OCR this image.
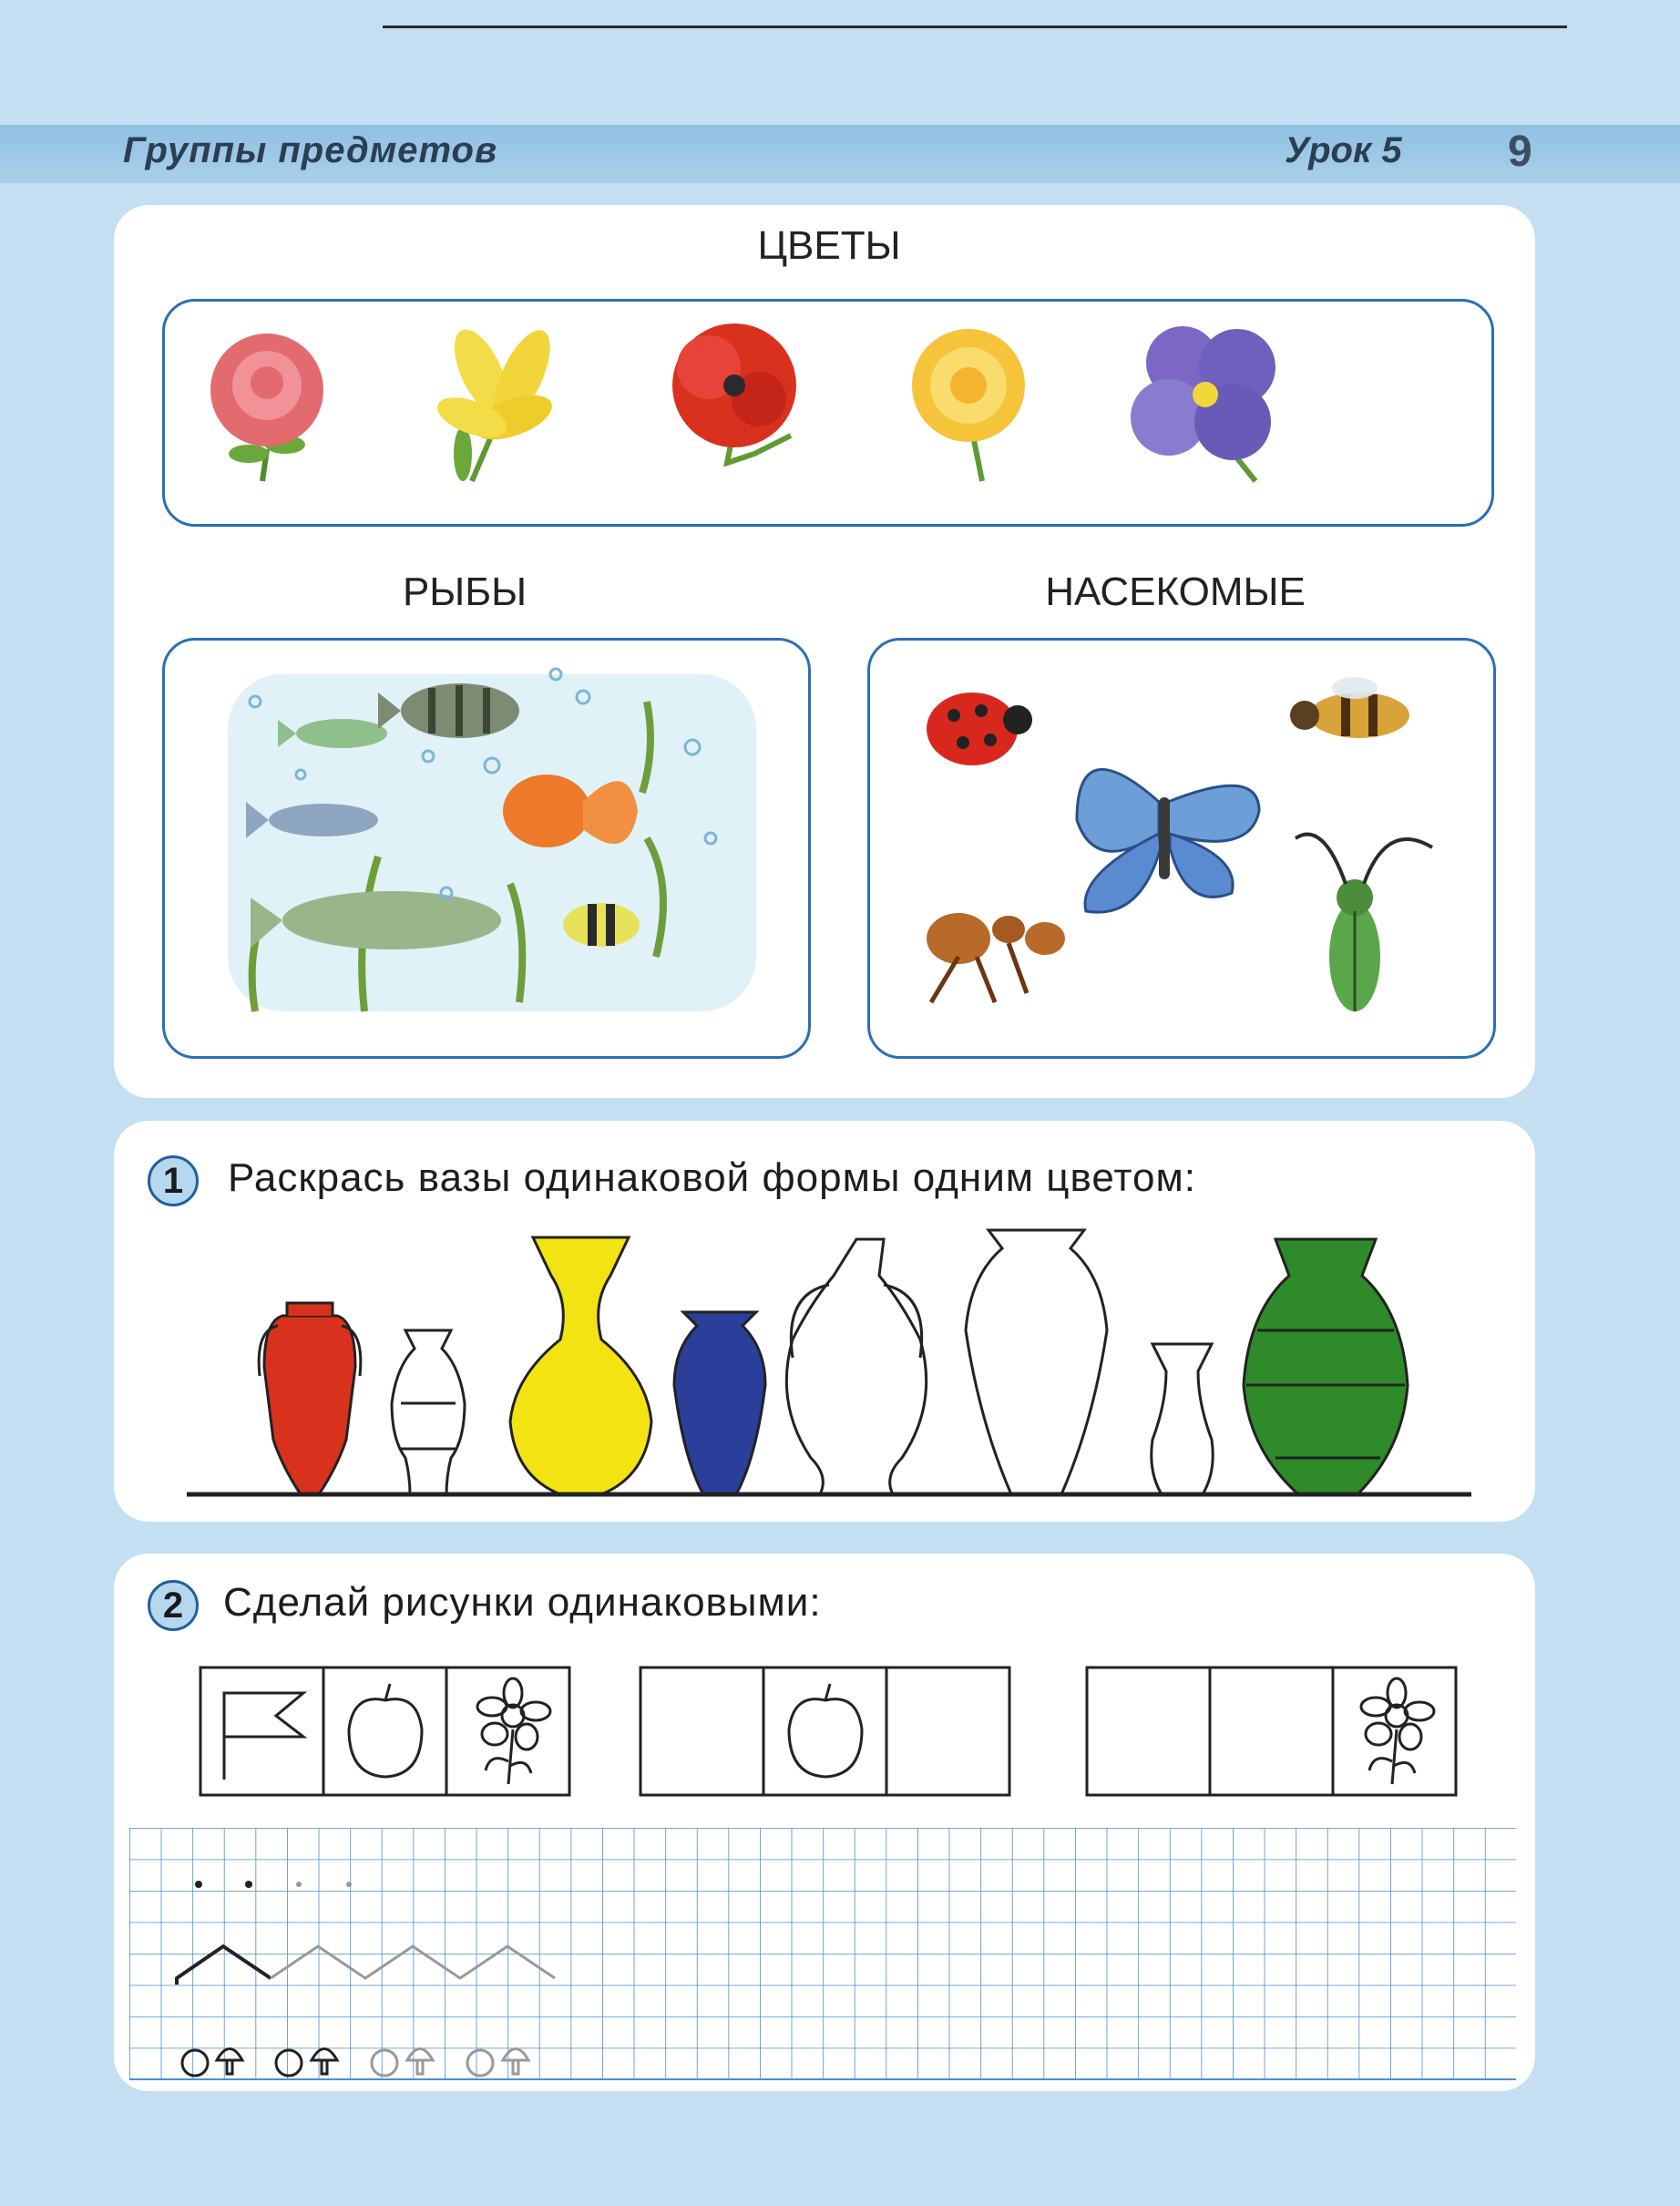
Группы предметов	Урок 5 9
ЦВЕТЫ
РЫБЫ	НАСЕКОМЫЕ
1	Раскрась вазы одинаковой формы одним цветом:
2 Сделай рисунки одинаковыми:
